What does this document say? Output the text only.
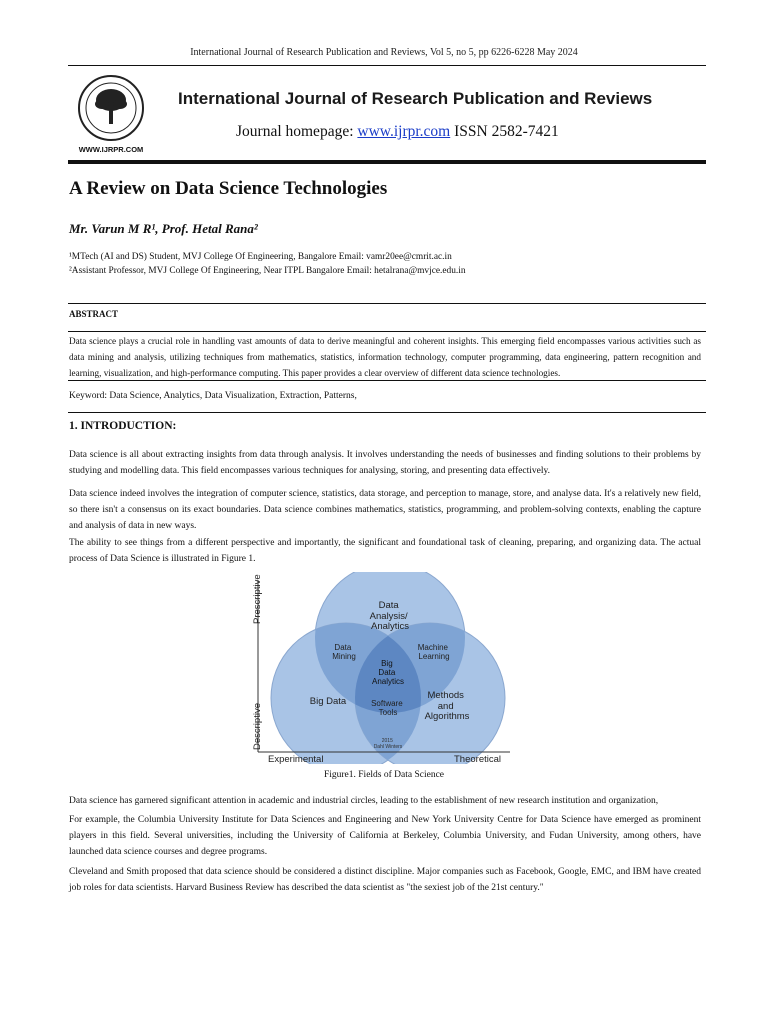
International Journal of Research Publication and Reviews, Vol 5, no 5, pp 6226-6228 May 2024
WWW.IJRPR.COM
International Journal of Research Publication and Reviews
Journal homepage: www.ijrpr.com ISSN 2582-7421
A Review on Data Science Technologies
Mr. Varun M R¹, Prof. Hetal Rana²
¹MTech (AI and DS) Student, MVJ College Of Engineering, Bangalore Email: vamr20ee@cmrit.ac.in
²Assistant Professor, MVJ College Of Engineering, Near ITPL Bangalore Email: hetalrana@mvjce.edu.in
ABSTRACT
Data science plays a crucial role in handling vast amounts of data to derive meaningful and coherent insights. This emerging field encompasses various activities such as data mining and analysis, utilizing techniques from mathematics, statistics, information technology, computer programming, data engineering, pattern recognition and learning, visualization, and high-performance computing. This paper provides a clear overview of different data science technologies.
Keyword: Data Science, Analytics, Data Visualization, Extraction, Patterns,
1. INTRODUCTION:
Data science is all about extracting insights from data through analysis. It involves understanding the needs of businesses and finding solutions to their problems by studying and modelling data. This field encompasses various techniques for analysing, storing, and presenting data effectively.
Data science indeed involves the integration of computer science, statistics, data storage, and perception to manage, store, and analyse data. It's a relatively new field, so there isn't a consensus on its exact boundaries. Data science combines mathematics, statistics, programming, and problem-solving contexts, enabling the capture and analysis of data in new ways.
The ability to see things from a different perspective and importantly, the significant and foundational task of cleaning, preparing, and organizing data. The actual process of Data Science is illustrated in Figure 1.
Prescriptive
Descriptive
Experimental	Theoretical
Data Analysis/ Analytics
Big Data
Methods and Algorithms
Data Mining
Machine Learning
Software Tools
Big Data Analytics
2015 Dahl Winters
Figure1. Fields of Data Science
Data science has garnered significant attention in academic and industrial circles, leading to the establishment of new research institution and organization,
For example, the Columbia University Institute for Data Sciences and Engineering and New York University Centre for Data Science have emerged as prominent players in this field. Several universities, including the University of California at Berkeley, Columbia University, and Fudan University, among others, have launched data science courses and degree programs.
Cleveland and Smith proposed that data science should be considered a distinct discipline. Major companies such as Facebook, Google, EMC, and IBM have created job roles for data scientists. Harvard Business Review has described the data scientist as "the sexiest job of the 21st century."
